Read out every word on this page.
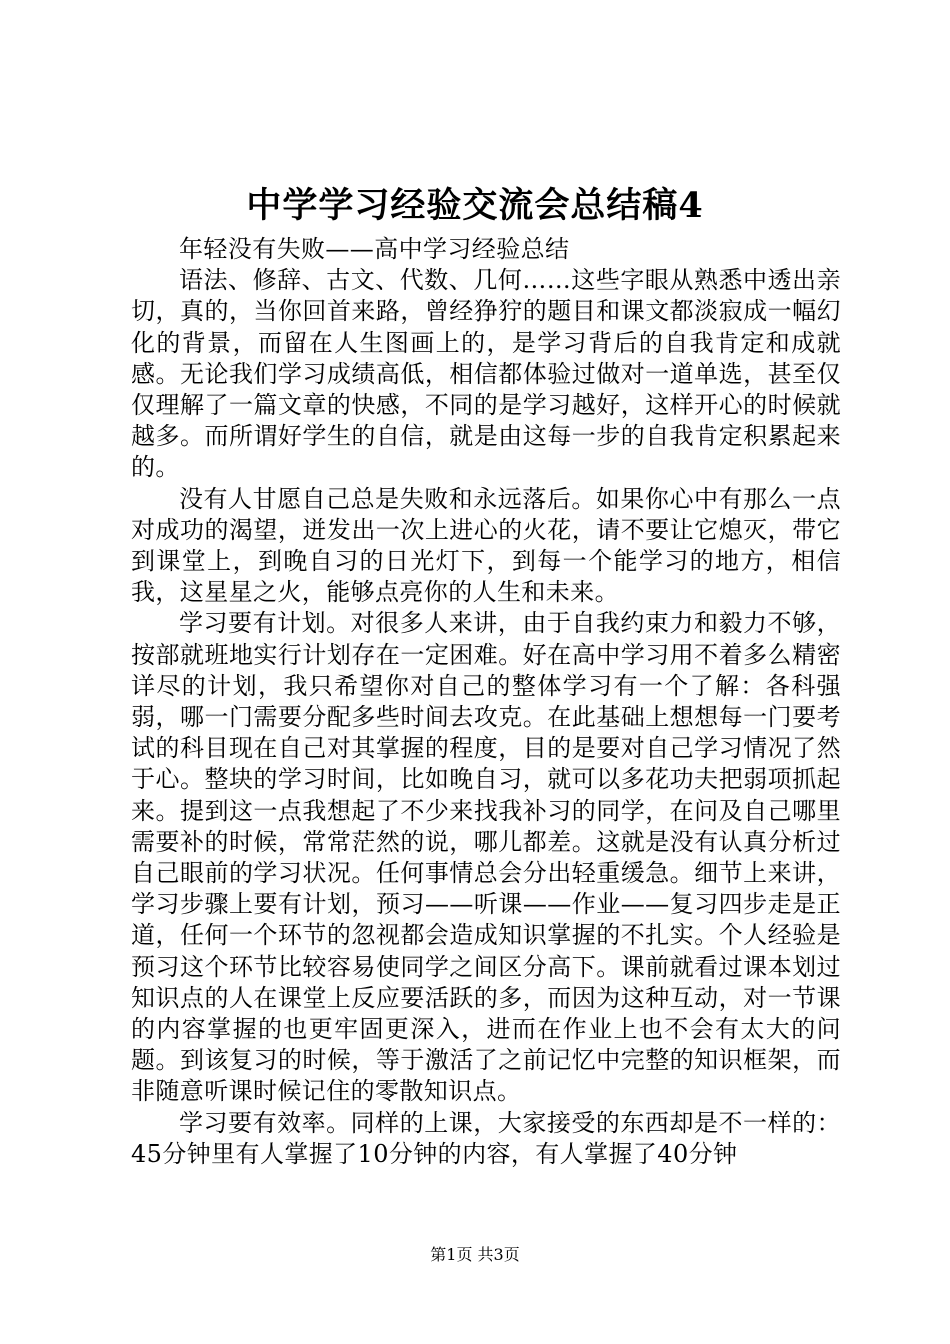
中学学习经验交流会总结稿4

年轻没有失败——高中学习经验总结

语法、修辞、古文、代数、几何……这些字眼从熟悉中透出亲切，真的，当你回首来路，曾经狰狞的题目和课文都淡寂成一幅幻化的背景，而留在人生图画上的，是学习背后的自我肯定和成就感。无论我们学习成绩高低，相信都体验过做对一道单选，甚至仅仅理解了一篇文章的快感，不同的是学习越好，这样开心的时候就越多。而所谓好学生的自信，就是由这每一步的自我肯定积累起来的。

没有人甘愿自己总是失败和永远落后。如果你心中有那么一点对成功的渴望，迸发出一次上进心的火花，请不要让它熄灭，带它到课堂上，到晚自习的日光灯下，到每一个能学习的地方，相信我，这星星之火，能够点亮你的人生和未来。

学习要有计划。对很多人来讲，由于自我约束力和毅力不够，按部就班地实行计划存在一定困难。好在高中学习用不着多么精密详尽的计划，我只希望你对自己的整体学习有一个了解：各科强弱，哪一门需要分配多些时间去攻克。在此基础上想想每一门要考试的科目现在自己对其掌握的程度，目的是要对自己学习情况了然于心。整块的学习时间，比如晚自习，就可以多花功夫把弱项抓起来。提到这一点我想起了不少来找我补习的同学，在问及自己哪里需要补的时候，常常茫然的说，哪儿都差。这就是没有认真分析过自己眼前的学习状况。任何事情总会分出轻重缓急。细节上来讲，学习步骤上要有计划，预习——听课——作业——复习四步走是正道，任何一个环节的忽视都会造成知识掌握的不扎实。个人经验是预习这个环节比较容易使同学之间区分高下。课前就看过课本划过知识点的人在课堂上反应要活跃的多，而因为这种互动，对一节课的内容掌握的也更牢固更深入，进而在作业上也不会有太大的问题。到该复习的时候，等于激活了之前记忆中完整的知识框架，而非随意听课时候记住的零散知识点。

学习要有效率。同样的上课，大家接受的东西却是不一样的：45分钟里有人掌握了10分钟的内容，有人掌握了40分钟

第1页 共3页
